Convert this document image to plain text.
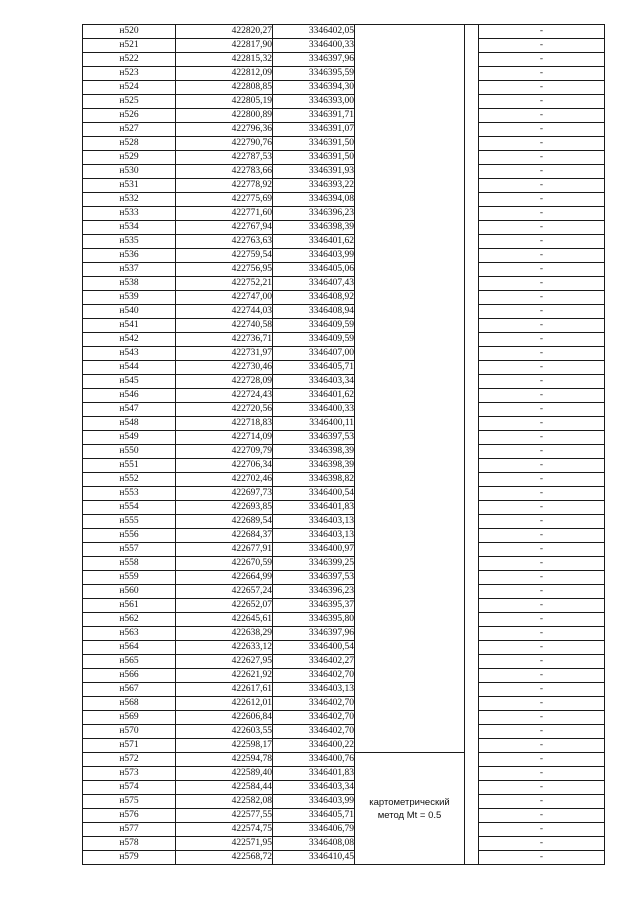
н520	422820,27	3346402,05			-
н521	422817,90	3346400,33			-
н522	422815,32	3346397,96			-
н523	422812,09	3346395,59			-
н524	422808,85	3346394,30			-
н525	422805,19	3346393,00			-
н526	422800,89	3346391,71			-
н527	422796,36	3346391,07			-
н528	422790,76	3346391,50			-
н529	422787,53	3346391,50			-
н530	422783,66	3346391,93			-
н531	422778,92	3346393,22			-
н532	422775,69	3346394,08			-
н533	422771,60	3346396,23			-
н534	422767,94	3346398,39			-
н535	422763,63	3346401,62			-
н536	422759,54	3346403,99			-
н537	422756,95	3346405,06			-
н538	422752,21	3346407,43			-
н539	422747,00	3346408,92			-
н540	422744,03	3346408,94			-
н541	422740,58	3346409,59			-
н542	422736,71	3346409,59			-
н543	422731,97	3346407,00			-
н544	422730,46	3346405,71			-
н545	422728,09	3346403,34			-
н546	422724,43	3346401,62			-
н547	422720,56	3346400,33			-
н548	422718,83	3346400,11			-
н549	422714,09	3346397,53			-
н550	422709,79	3346398,39			-
н551	422706,34	3346398,39			-
н552	422702,46	3346398,82			-
н553	422697,73	3346400,54			-
н554	422693,85	3346401,83			-
н555	422689,54	3346403,13			-
н556	422684,37	3346403,13			-
н557	422677,91	3346400,97			-
н558	422670,59	3346399,25			-
н559	422664,99	3346397,53			-
н560	422657,24	3346396,23			-
н561	422652,07	3346395,37			-
н562	422645,61	3346395,80			-
н563	422638,29	3346397,96			-
н564	422633,12	3346400,54			-
н565	422627,95	3346402,27			-
н566	422621,92	3346402,70			-
н567	422617,61	3346403,13			-
н568	422612,01	3346402,70			-
н569	422606,84	3346402,70			-
н570	422603,55	3346402,70			-
н571	422598,17	3346400,22			-
н572	422594,78	3346400,76	картометрический
метод Mt = 0.5		-
н573	422589,40	3346401,83			-
н574	422584,44	3346403,34			-
н575	422582,08	3346403,99			-
н576	422577,55	3346405,71			-
н577	422574,75	3346406,79			-
н578	422571,95	3346408,08			-
н579	422568,72	3346410,45			-
